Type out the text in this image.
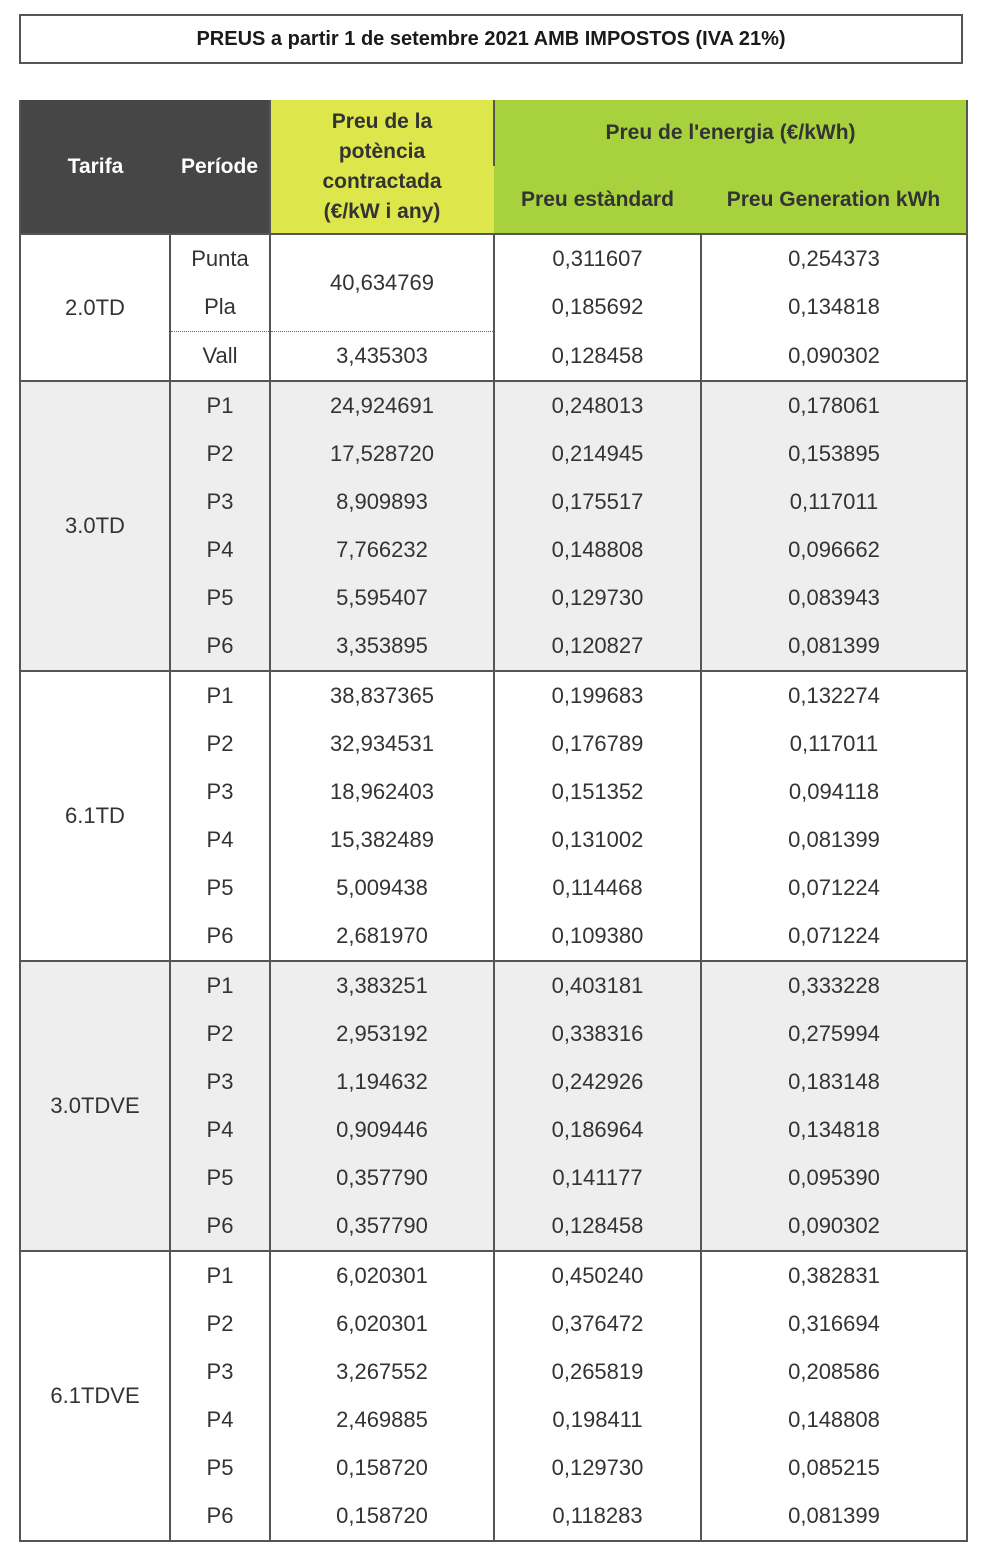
PREUS a partir 1 de setembre 2021 AMB IMPOSTOS (IVA 21%)
Tarifa	Període	Preu de la potència contractada (€/kW i any)	Preu de l'energia (€/kWh)	
			Preu estàndard	Preu Generation kWh
2.0TD	Punta	40,634769	0,311607	0,254373
	Pla		0,185692	0,134818
	Vall	3,435303	0,128458	0,090302
3.0TD	P1	24,924691	0,248013	0,178061
	P2	17,528720	0,214945	0,153895
	P3	8,909893	0,175517	0,117011
	P4	7,766232	0,148808	0,096662
	P5	5,595407	0,129730	0,083943
	P6	3,353895	0,120827	0,081399
6.1TD	P1	38,837365	0,199683	0,132274
	P2	32,934531	0,176789	0,117011
	P3	18,962403	0,151352	0,094118
	P4	15,382489	0,131002	0,081399
	P5	5,009438	0,114468	0,071224
	P6	2,681970	0,109380	0,071224
3.0TDVE	P1	3,383251	0,403181	0,333228
	P2	2,953192	0,338316	0,275994
	P3	1,194632	0,242926	0,183148
	P4	0,909446	0,186964	0,134818
	P5	0,357790	0,141177	0,095390
	P6	0,357790	0,128458	0,090302
6.1TDVE	P1	6,020301	0,450240	0,382831
	P2	6,020301	0,376472	0,316694
	P3	3,267552	0,265819	0,208586
	P4	2,469885	0,198411	0,148808
	P5	0,158720	0,129730	0,085215
	P6	0,158720	0,118283	0,081399
